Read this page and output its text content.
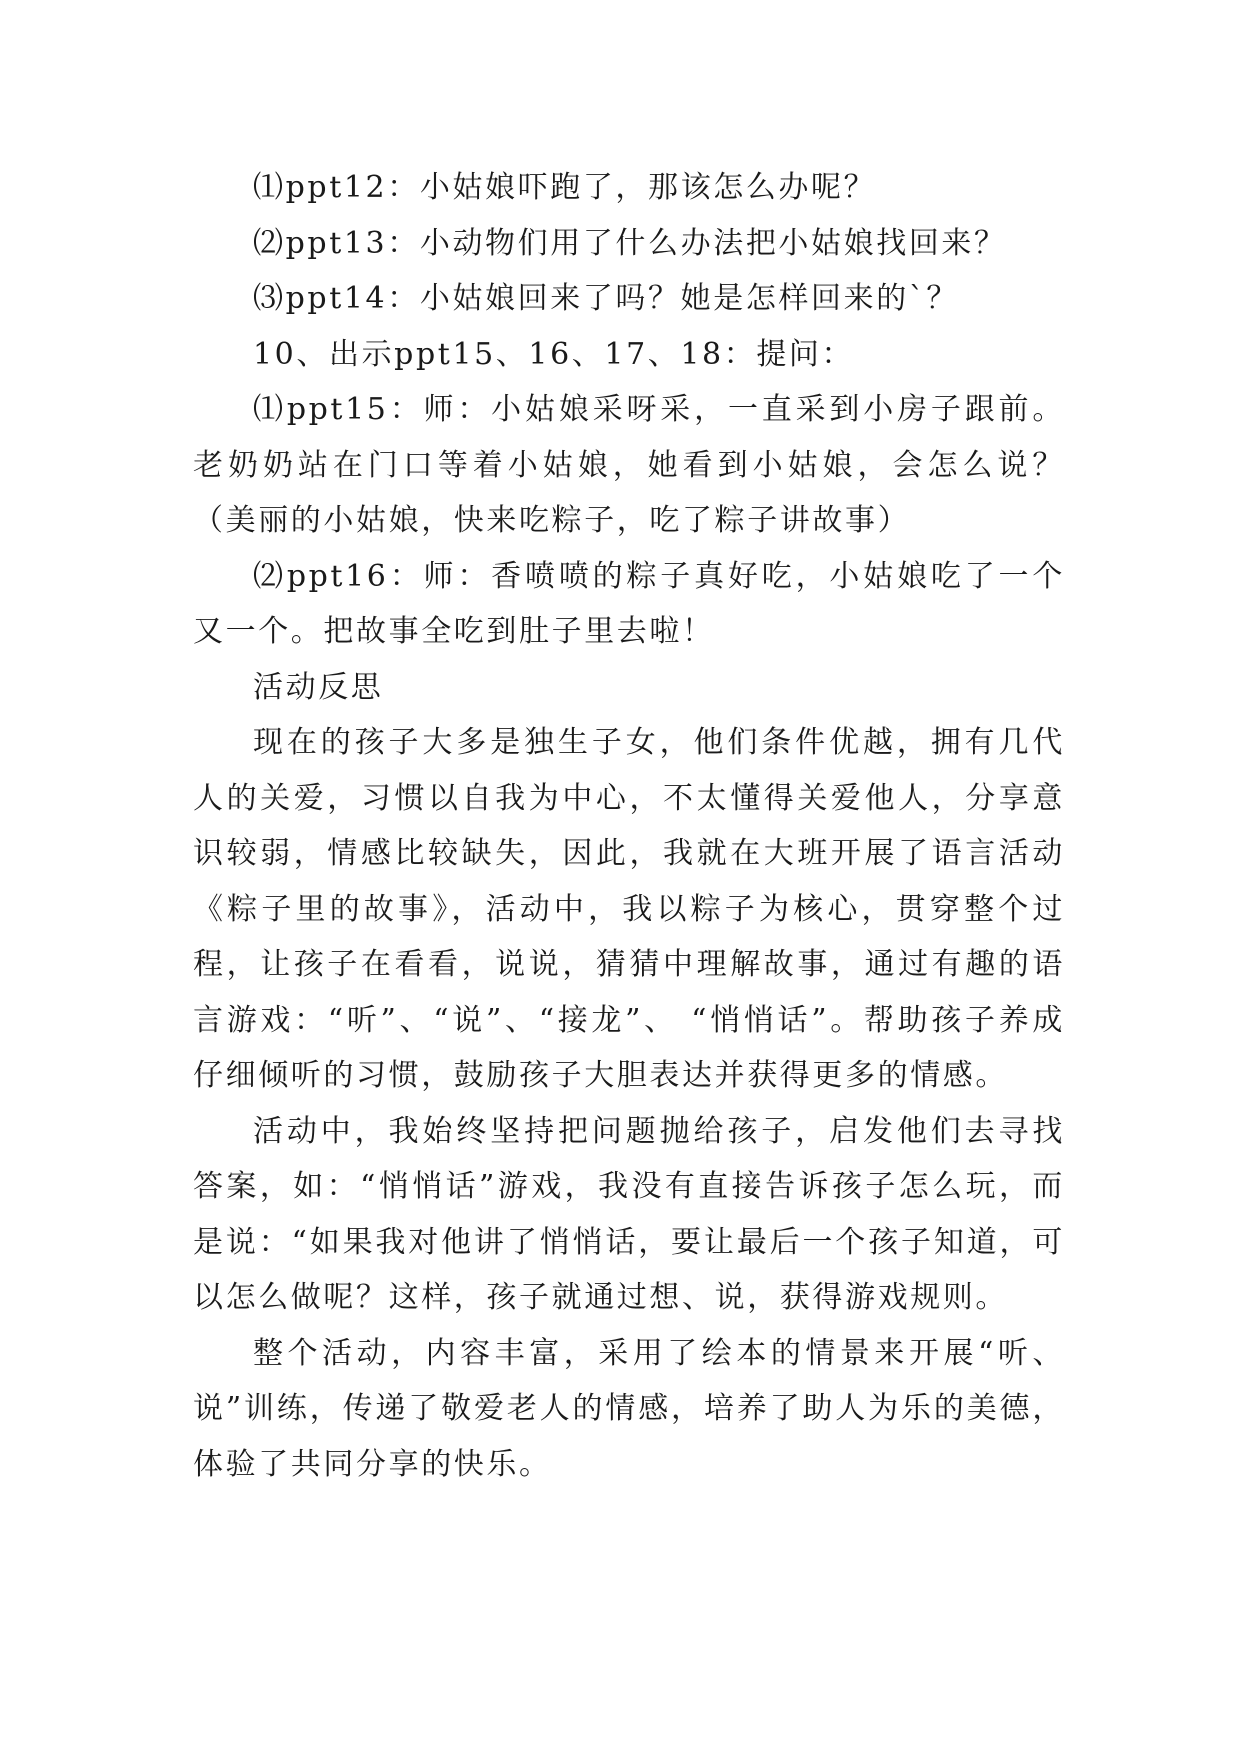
⑴ppt12：小姑娘吓跑了，那该怎么办呢？

⑵ppt13：小动物们用了什么办法把小姑娘找回来？

⑶ppt14：小姑娘回来了吗？她是怎样回来的`？

10、出示ppt15、16、17、18：提问：

⑴ppt15：师：小姑娘采呀采，一直采到小房子跟前。老奶奶站在门口等着小姑娘，她看到小姑娘，会怎么说？（美丽的小姑娘，快来吃粽子，吃了粽子讲故事）

⑵ppt16：师：香喷喷的粽子真好吃，小姑娘吃了一个又一个。把故事全吃到肚子里去啦！

活动反思

现在的孩子大多是独生子女，他们条件优越，拥有几代人的关爱，习惯以自我为中心，不太懂得关爱他人，分享意识较弱，情感比较缺失，因此，我就在大班开展了语言活动《粽子里的故事》，活动中，我以粽子为核心，贯穿整个过程，让孩子在看看，说说，猜猜中理解故事，通过有趣的语言游戏：“听”、“说”、“接龙”、 “悄悄话”。帮助孩子养成仔细倾听的习惯，鼓励孩子大胆表达并获得更多的情感。

活动中，我始终坚持把问题抛给孩子，启发他们去寻找答案，如：“悄悄话”游戏，我没有直接告诉孩子怎么玩，而是说：“如果我对他讲了悄悄话，要让最后一个孩子知道，可以怎么做呢？这样，孩子就通过想、说，获得游戏规则。

整个活动，内容丰富，采用了绘本的情景来开展“听、说”训练，传递了敬爱老人的情感，培养了助人为乐的美德，体验了共同分享的快乐。
